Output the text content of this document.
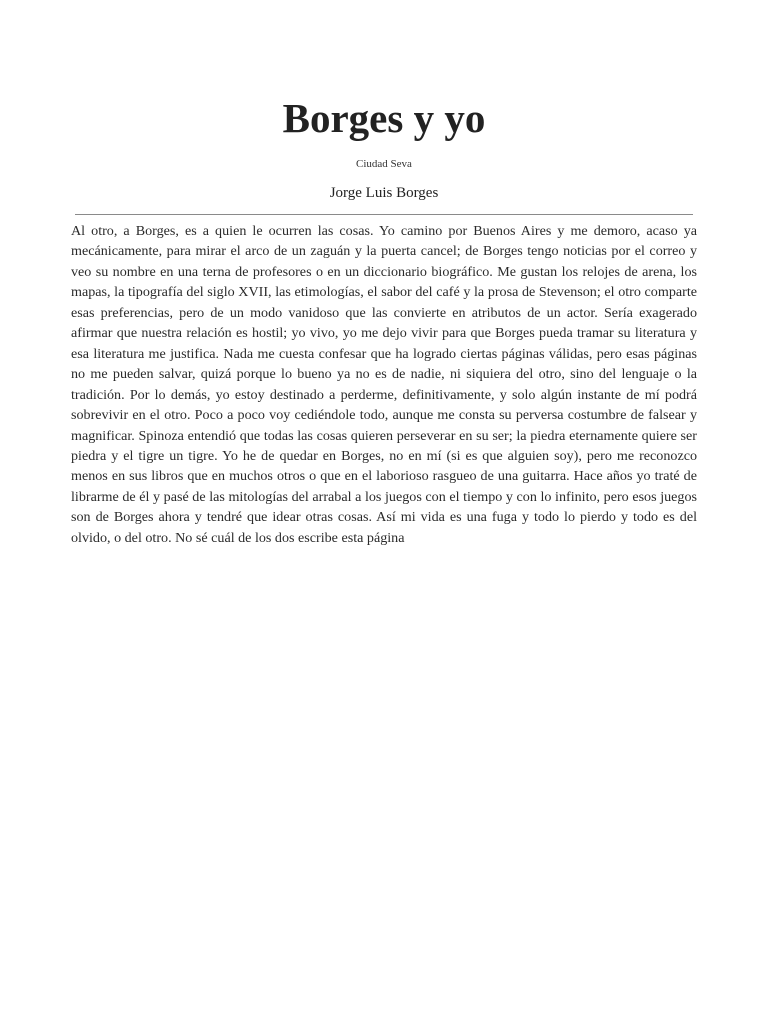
Borges y yo
Ciudad Seva
Jorge Luis Borges

Al otro, a Borges, es a quien le ocurren las cosas. Yo camino por Buenos Aires y me demoro, acaso ya mecánicamente, para mirar el arco de un zaguán y la puerta cancel; de Borges tengo noticias por el correo y veo su nombre en una terna de profesores o en un diccionario biográfico. Me gustan los relojes de arena, los mapas, la tipografía del siglo XVII, las etimologías, el sabor del café y la prosa de Stevenson; el otro comparte esas preferencias, pero de un modo vanidoso que las convierte en atributos de un actor. Sería exagerado afirmar que nuestra relación es hostil; yo vivo, yo me dejo vivir para que Borges pueda tramar su literatura y esa literatura me justifica. Nada me cuesta confesar que ha logrado ciertas páginas válidas, pero esas páginas no me pueden salvar, quizá porque lo bueno ya no es de nadie, ni siquiera del otro, sino del lenguaje o la tradición. Por lo demás, yo estoy destinado a perderme, definitivamente, y solo algún instante de mí podrá sobrevivir en el otro. Poco a poco voy cediéndole todo, aunque me consta su perversa costumbre de falsear y magnificar. Spinoza entendió que todas las cosas quieren perseverar en su ser; la piedra eternamente quiere ser piedra y el tigre un tigre. Yo he de quedar en Borges, no en mí (si es que alguien soy), pero me reconozco menos en sus libros que en muchos otros o que en el laborioso rasgueo de una guitarra. Hace años yo traté de librarme de él y pasé de las mitologías del arrabal a los juegos con el tiempo y con lo infinito, pero esos juegos son de Borges ahora y tendré que idear otras cosas. Así mi vida es una fuga y todo lo pierdo y todo es del olvido, o del otro. No sé cuál de los dos escribe esta página
